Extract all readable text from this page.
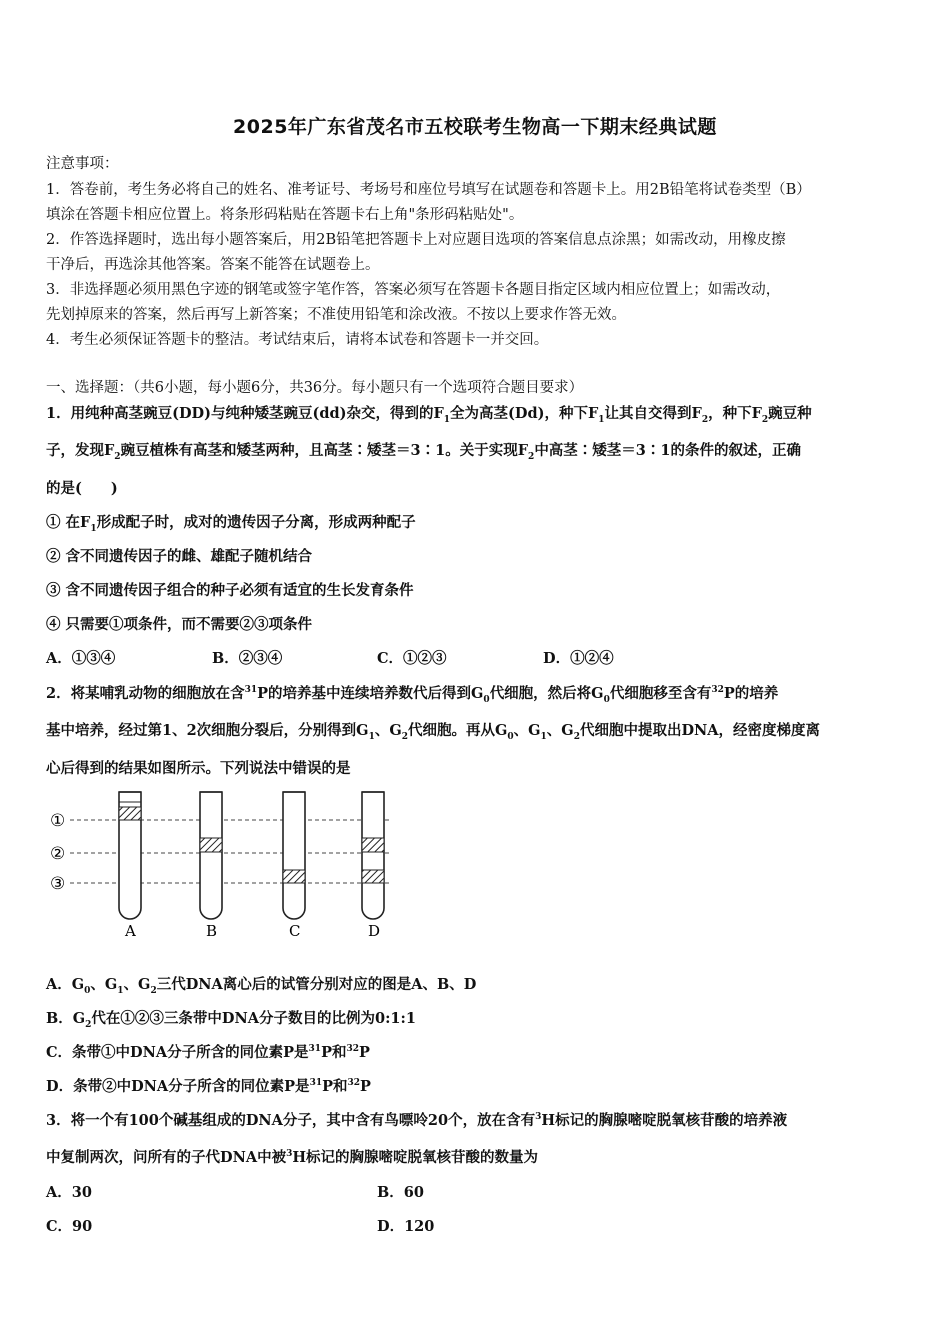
2025年广东省茂名市五校联考生物高一下期末经典试题
注意事项：
1．答卷前，考生务必将自己的姓名、准考证号、考场号和座位号填写在试题卷和答题卡上。用2B铅笔将试卷类型（B）
填涂在答题卡相应位置上。将条形码粘贴在答题卡右上角"条形码粘贴处"。
2．作答选择题时，选出每小题答案后，用2B铅笔把答题卡上对应题目选项的答案信息点涂黑；如需改动，用橡皮擦
干净后，再选涂其他答案。答案不能答在试题卷上。
3．非选择题必须用黑色字迹的钢笔或签字笔作答，答案必须写在答题卡各题目指定区域内相应位置上；如需改动，
先划掉原来的答案，然后再写上新答案；不准使用铅笔和涂改液。不按以上要求作答无效。
4．考生必须保证答题卡的整洁。考试结束后，请将本试卷和答题卡一并交回。
一、选择题：（共6小题，每小题6分，共36分。每小题只有一个选项符合题目要求）
1．用纯种高茎豌豆(DD)与纯种矮茎豌豆(dd)杂交，得到的$F_1$全为高茎(Dd)，种下$F_1$让其自交得到$F_2$，种下$F_2$豌豆种
子，发现$F_2$豌豆植株有高茎和矮茎两种，且高茎∶矮茎＝3∶1。关于实现$F_2$中高茎∶矮茎＝3∶1的条件的叙述，正确
的是(　　)
① 在$F_1$形成配子时，成对的遗传因子分离，形成两种配子
② 含不同遗传因子的雌、雄配子随机结合
③ 含不同遗传因子组合的种子必须有适宜的生长发育条件
④ 只需要①项条件，而不需要②③项条件
A．①③④	B．②③④	C．①②③	D．①②④
2．将某哺乳动物的细胞放在含$^{31}$P的培养基中连续培养数代后得到$G_0$代细胞，然后将$G_0$代细胞移至含有$^{32}$P的培养
基中培养，经过第1、2次细胞分裂后，分别得到$G_1$、$G_2$代细胞。再从$G_0$、$G_1$、$G_2$代细胞中提取出DNA，经密度梯度离
心后得到的结果如图所示。下列说法中错误的是
①
②
③
A	B	C	D
A．$G_0$、$G_1$、$G_2$三代DNA离心后的试管分别对应的图是A、B、D
B．$G_2$代在①②③三条带中DNA分子数目的比例为0:1:1
C．条带①中DNA分子所含的同位素P是$^{31}$P和$^{32}$P
D．条带②中DNA分子所含的同位素P是$^{31}$P和$^{32}$P
3．将一个有100个碱基组成的DNA分子，其中含有鸟嘌呤20个，放在含有$^3$H标记的胸腺嘧啶脱氧核苷酸的培养液
中复制两次，问所有的子代DNA中被$^3$H标记的胸腺嘧啶脱氧核苷酸的数量为
A．30	B．60
C．90	D．120
